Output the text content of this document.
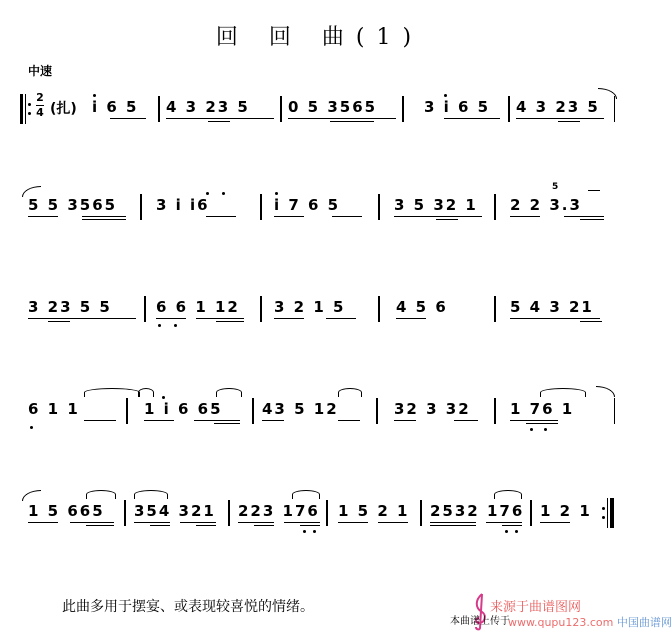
回 回 曲(1)
中速
2
4 (扎) i 6 5 4 3 23 5	0 5 3565	3 i 6 5 4 3 23 5
5 5 3565	3 i i6	i 7 6 5	3 5 32 1 2 2 3.3
5
3 23 5 5	6 6 1 12 3 2 1 5	4 5 6	5 4 3 21
6 1 1	1 i 6 65	43 5 12	32 3 32	1 76 1
1 5 665 354 321 223 176 1 5 2 1 2532 176 1 2 1
此曲多用于摆宴、或表现较喜悦的情绪。	来源于曲谱图网
本曲谱上传于
www.qupu123.com 中国曲谱网
